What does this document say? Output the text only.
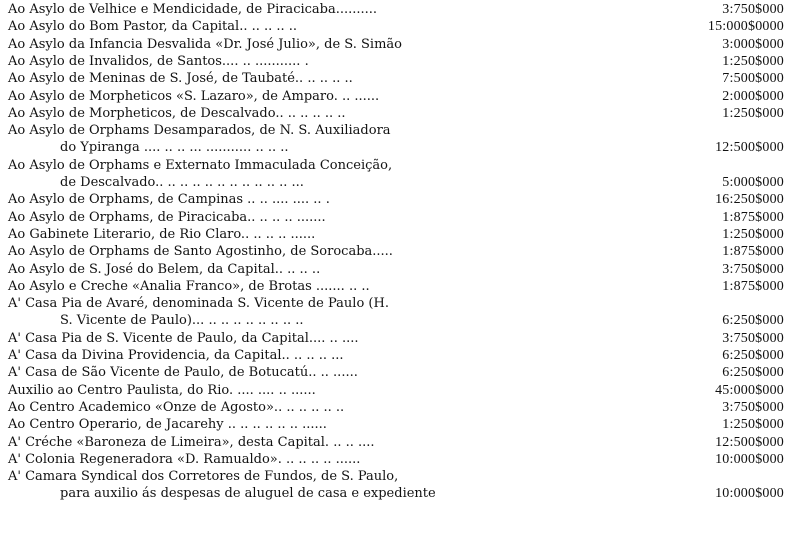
Ao Asylo de Velhice e Mendicidade, de Piracicaba..........	3:750$000
Ao Asylo do Bom Pastor, da Capital.. .. .. .. ..	15:000$0000
Ao Asylo da Infancia Desvalida «Dr. José Julio», de S. Simão	3:000$000
Ao Asylo de Invalidos, de Santos.... .. ........... .	1:250$000
Ao Asylo de Meninas de S. José, de Taubaté.. .. .. .. ..	7:500$000
Ao Asylo de Morpheticos «S. Lazaro», de Amparo. .. ......	2:000$000
Ao Asylo de Morpheticos, de Descalvado.. .. .. .. .. ..	1:250$000
Ao Asylo de Orphams Desamparados, de N. S. Auxiliadora
do Ypiranga .... .. .. ... ........... .. .. ..	12:500$000
Ao Asylo de Orphams e Externato Immaculada Conceição,
de Descalvado.. .. .. .. .. .. .. .. .. .. .. ...	5:000$000
Ao Asylo de Orphams, de Campinas .. .. .... .... .. .	16:250$000
Ao Asylo de Orphams, de Piracicaba.. .. .. .. .......	1:875$000
Ao Gabinete Literario, de Rio Claro.. .. .. .. ......	1:250$000
Ao Asylo de Orphams de Santo Agostinho, de Sorocaba.....	1:875$000
Ao Asylo de S. José do Belem, da Capital.. .. .. ..	3:750$000
Ao Asylo e Creche «Analia Franco», de Brotas ....... .. ..	1:875$000
A' Casa Pia de Avaré, denominada S. Vicente de Paulo (H.
S. Vicente de Paulo)... .. .. .. .. .. .. .. ..	6:250$000
A' Casa Pia de S. Vicente de Paulo, da Capital.... .. ....	3:750$000
A' Casa da Divina Providencia, da Capital.. .. .. .. ...	6:250$000
A' Casa de São Vicente de Paulo, de Botucatú.. .. ......	6:250$000
Auxilio ao Centro Paulista, do Rio. .... .... .. ......	45:000$000
Ao Centro Academico «Onze de Agosto».. .. .. .. .. ..	3:750$000
Ao Centro Operario, de Jacarehy .. .. .. .. .. .. ......	1:250$000
A' Créche «Baroneza de Limeira», desta Capital. .. .. ....	12:500$000
A' Colonia Regeneradora «D. Ramualdo». .. .. .. .. ......	10:000$000
A' Camara Syndical dos Corretores de Fundos, de S. Paulo,
para auxilio ás despesas de aluguel de casa e expediente	10:000$000
